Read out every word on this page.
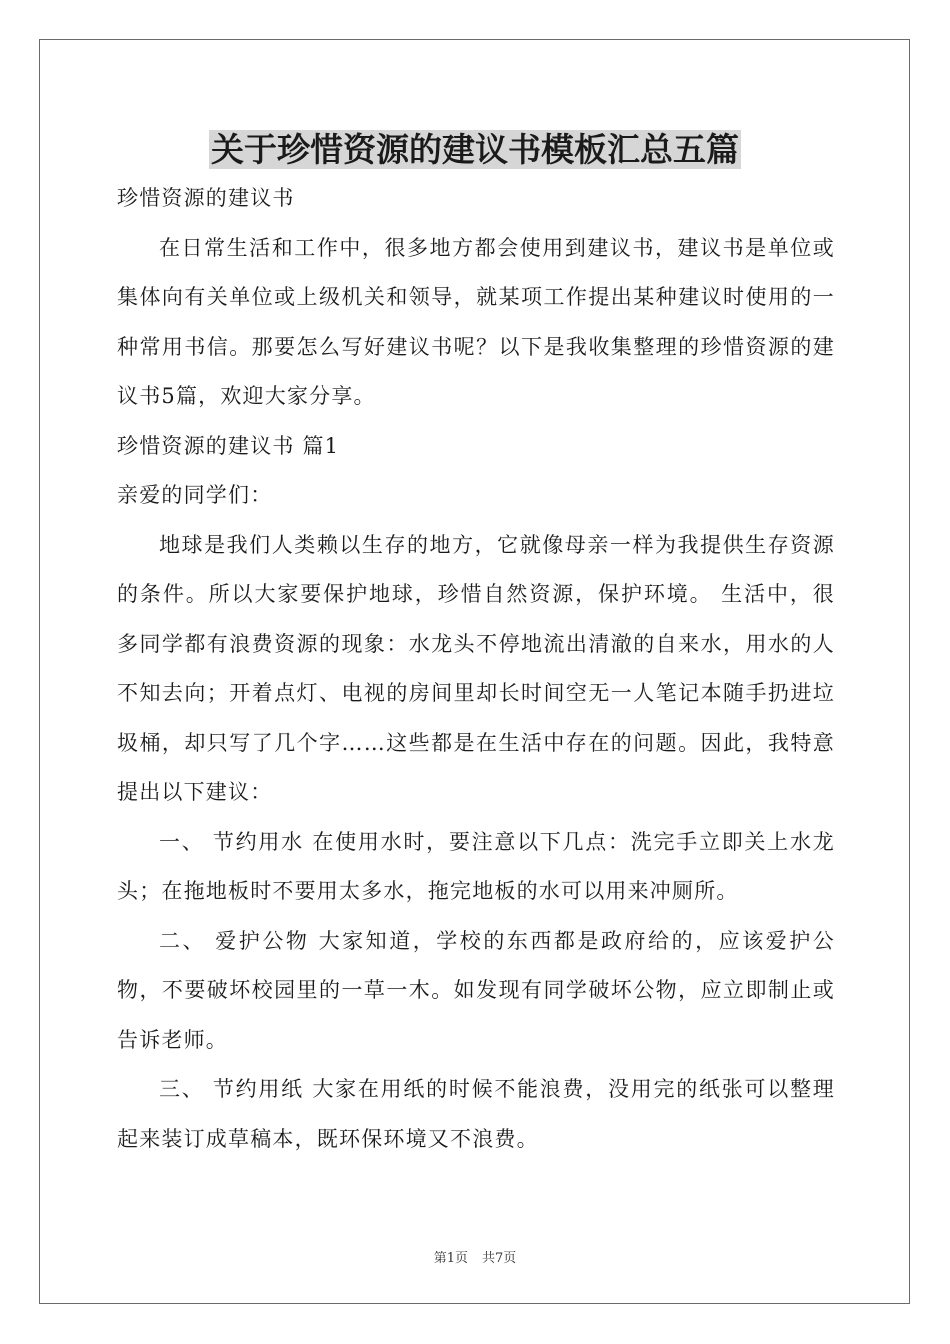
关于珍惜资源的建议书模板汇总五篇

珍惜资源的建议书

在日常生活和工作中，很多地方都会使用到建议书，建议书是单位或集体向有关单位或上级机关和领导，就某项工作提出某种建议时使用的一种常用书信。那要怎么写好建议书呢？以下是我收集整理的珍惜资源的建议书5篇，欢迎大家分享。

珍惜资源的建议书 篇1

亲爱的同学们：

地球是我们人类赖以生存的地方，它就像母亲一样为我提供生存资源的条件。所以大家要保护地球，珍惜自然资源，保护环境。 生活中，很多同学都有浪费资源的现象：水龙头不停地流出清澈的自来水，用水的人不知去向；开着点灯、电视的房间里却长时间空无一人笔记本随手扔进垃圾桶，却只写了几个字……这些都是在生活中存在的问题。因此，我特意提出以下建议：

一、 节约用水 在使用水时，要注意以下几点：洗完手立即关上水龙头；在拖地板时不要用太多水，拖完地板的水可以用来冲厕所。

二、 爱护公物 大家知道，学校的东西都是政府给的，应该爱护公物，不要破坏校园里的一草一木。如发现有同学破坏公物，应立即制止或告诉老师。

三、 节约用纸 大家在用纸的时候不能浪费，没用完的纸张可以整理起来装订成草稿本，既环保环境又不浪费。

第1页 共7页
